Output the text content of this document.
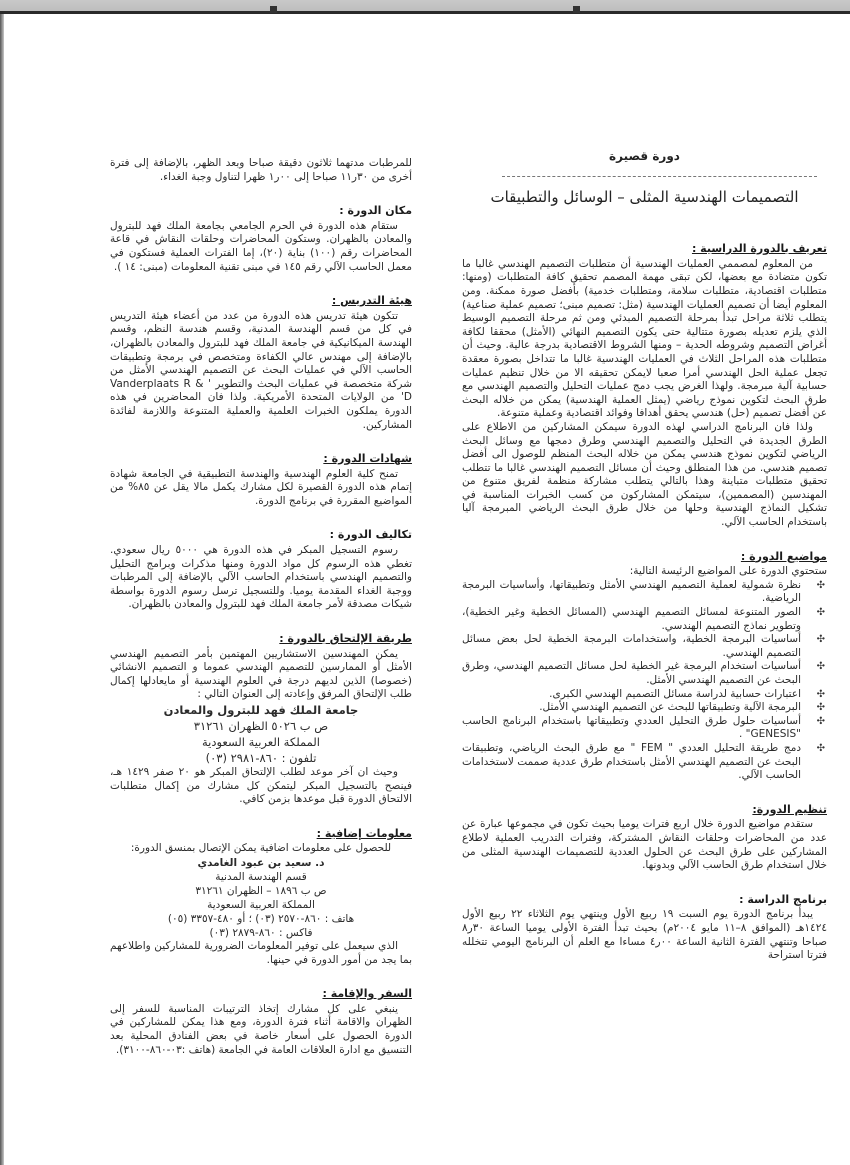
دورة قصيرة
التصميمات الهندسية المثلى – الوسائل والتطبيقات
تعريف بالدورة الدراسية :

من المعلوم لمصممي العمليات الهندسية أن متطلبات التصميم الهندسي غالبا ما تكون متضادة مع بعضها، لكن تبقى مهمة المصمم تحقيق كافة المتطلبات (ومنها: متطلبات اقتصادية، متطلبات سلامة، ومتطلبات خدمية) بأفضل صورة ممكنة. ومن المعلوم أيضا أن تصميم العمليات الهندسية (مثل: تصميم مبنى؛ تصميم عملية صناعية) يتطلب ثلاثة مراحل تبدأ بمرحلة التصميم المبدئي ومن ثم مرحلة التصميم الوسيط الذي يلزم تعديله بصورة متتالية حتى يكون التصميم النهائي (الأمثل) محققا لكافة أغراض التصميم وشروطه الحدية – ومنها الشروط الاقتصادية بدرجة عالية. وحيث أن متطلبات هذه المراحل الثلاث في العمليات الهندسية غالبا ما تتداخل بصورة معقدة تجعل عملية الحل الهندسي أمرا صعبا لايمكن تحقيقه الا من خلال تنظيم عمليات حسابية آلية مبرمجة. ولهذا الغرض يجب دمج عمليات التحليل والتصميم الهندسي مع طرق البحث لتكوين نموذج رياضي (يمثل العملية الهندسية) يمكن من خلاله البحث عن أفضل تصميم (حل) هندسي يحقق أهدافا وفوائد اقتصادية وعملية متنوعة.

ولذا فان البرنامج الدراسي لهذه الدورة سيمكن المشاركين من الاطلاع على الطرق الجديدة في التحليل والتصميم الهندسي وطرق دمجها مع وسائل البحث الرياضي لتكوين نموذج هندسي يمكن من خلاله البحث المنظم للوصول الى أفضل تصميم هندسي. من هذا المنطلق وحيث أن مسائل التصميم الهندسي غالبا ما تتطلب تحقيق متطلبات متباينة وهذا بالتالي يتطلب مشاركة منظمة لفريق متنوع من المهندسين (المصممين)، سيتمكن المشاركون من كسب الخبرات المناسبة في تشكيل النماذج الهندسية وحلها من خلال طرق البحث الرياضي المبرمجة آليا باستخدام الحاسب الآلي.

مواضيع الدورة :

ستحتوي الدورة على المواضيع الرئيسة التالية:

✣
نظرة شمولية لعملية التصميم الهندسي الأمثل وتطبيقاتها، وأساسيات البرمجة الرياضية.
✣
الصور المتنوعة لمسائل التصميم الهندسي (المسائل الخطية وغير الخطية)، وتطوير نماذج التصميم الهندسي.
✣
أساسيات البرمجة الخطية، واستخدامات البرمجة الخطية لحل بعض مسائل التصميم الهندسي.
✣
أساسيات استخدام البرمجة غير الخطية لحل مسائل التصميم الهندسي، وطرق البحث عن التصميم الهندسي الأمثل.
✣
اعتبارات حسابية لدراسة مسائل التصميم الهندسي الكبرى.
✣
البرمجة الآلية وتطبيقاتها للبحث عن التصميم الهندسي الأمثل.
✣
أساسيات حلول طرق التحليل العددي وتطبيقاتها باستخدام البرنامج الحاسب "GENESIS" .
✣
دمج طريقة التحليل العددي " FEM " مع طرق البحث الرياضي، وتطبيقات البحث عن التصميم الهندسي الأمثل باستخدام طرق عددية صممت لاستخدامات الحاسب الآلي.
تنظيم الدورة:

ستقدم مواضيع الدورة خلال اربع فترات يوميا بحيث تكون في مجموعها عبارة عن عدد من المحاضرات وحلقات النقاش المشتركة، وفترات التدريب العملية لاطلاع المشاركين على طرق البحث عن الحلول العددية للتصميمات الهندسية المثلى من خلال استخدام طرق الحاسب الآلي وبدونها.

برنامج الدراسة :

يبدأ برنامج الدورة يوم السبت ١٩ ربيع الأول وينتهي يوم الثلاثاء ٢٢ ربيع الأول ١٤٢٤هـ (الموافق ٨–١١ مايو ٢٠٠٤م) بحيث تبدأ الفترة الأولى يوميا الساعة ٣٠ر٨ صباحا وتنتهي الفترة الثانية الساعة ٠٠ر٤ مساءا مع العلم أن البرنامج اليومي تتخلله فترتا استراحة

للمرطبات مدتهما ثلاثون دقيقة صباحا وبعد الظهر، بالإضافة إلى فترة أخرى من ٣٠ر١١ صباحا إلى ٠٠ر١ ظهرا لتناول وجبة الغداء.

مكان الدورة :

ستقام هذه الدورة في الحرم الجامعي بجامعة الملك فهد للبترول والمعادن بالظهران. وستكون المحاضرات وحلقات النقاش في قاعة المحاضرات رقم (١٠٠) بناية (٢٠)، إما الفترات العملية فستكون في معمل الحاسب الآلي رقم ١٤٥ في مبنى تقنية المعلومات (مبنى: ١٤ ).

هيئة التدريس :

تتكون هيئة تدريس هذه الدورة من عدد من أعضاء هيئة التدريس في كل من قسم الهندسة المدنية، وقسم هندسة النظم، وقسم الهندسة الميكانيكية في جامعة الملك فهد للبترول والمعادن بالظهران، بالإضافة إلى مهندس عالي الكفاءة ومتخصص في برمجة وتطبيقات الحاسب الآلي في عمليات البحث عن التصميم الهندسي الأمثل من شركة متخصصة في عمليات البحث والتطوير ' Vanderplaats R & D' من الولايات المتحدة الأمريكية. ولذا فان المحاضرين في هذه الدورة يملكون الخبرات العلمية والعملية المتنوعة واللازمة لفائدة المشاركين.

شهادات الدورة :

تمنح كلية العلوم الهندسية والهندسة التطبيقية في الجامعة شهادة إتمام هذه الدورة القصيرة لكل مشارك يكمل مالا يقل عن ٨٥% من المواضيع المقررة في برنامج الدورة.

تكاليف الدورة :

رسوم التسجيل المبكر في هذه الدورة هي ٥٠٠٠ ريال سعودي. تغطي هذه الرسوم كل مواد الدورة ومنها مذكرات وبرامج التحليل والتصميم الهندسي باستخدام الحاسب الآلي بالإضافة إلى المرطبات ووجبة الغداء المقدمة يوميا. وللتسجيل ترسل رسوم الدورة بواسطة شيكات مصدقة لأمر جامعة الملك فهد للبترول والمعادن بالظهران.

طريقة الإلتحاق بالدورة :

يمكن المهندسين الاستشاريين المهتمين بأمر التصميم الهندسي الأمثل أو الممارسين للتصميم الهندسي عموما و التصميم الانشائي (خصوصا) الذين لديهم درجة في العلوم الهندسية أو مايعادلها إكمال طلب الإلتحاق المرفق وإعادته إلى العنوان التالي :

جامعة الملك فهد للبترول والمعادن
ص ب ٥٠٢٦ الظهران ٣١٢٦١
المملكة العربية السعودية
تلفون : ٨٦٠-٢٩٨١ (٠٣)

وحيث ان آخر موعد لطلب الإلتحاق المبكر هو ٢٠ صفر ١٤٢٩ هـ، فينصح بالتسجيل المبكر ليتمكن كل مشارك من إكمال متطلبات الالتحاق الدورة قبل موعدها بزمن كافي.

معلومات إضافية :

للحصول على معلومات اضافية يمكن الإتصال بمنسق الدورة:

د. سعيد بن عبود الغامدي
قسم الهندسة المدنية
ص ب ١٨٩٦ – الظهران ٣١٢٦١
المملكة العربية السعودية
هاتف : ٨٦٠-٢٥٧٠ (٠٣) ؛ أو ٤٨٠-٣٣٥٧ (٠٥)
فاكس : ٨٦٠-٢٨٧٩ (٠٣)

الذي سيعمل على توفير المعلومات الضرورية للمشاركين واطلاعهم بما يجد من أمور الدورة في حينها.

السفر والإقامة :

ينبغي على كل مشارك إتخاذ الترتيبات المناسبة للسفر إلى الظهران والاقامة أثناء فترة الدورة، ومع هذا يمكن للمشاركين في الدورة الحصول على أسعار خاصة في بعض الفنادق المحلية بعد التنسيق مع ادارة العلاقات العامة في الجامعة (هاتف :٠٣-٨٦٠-٣١٠٠).
